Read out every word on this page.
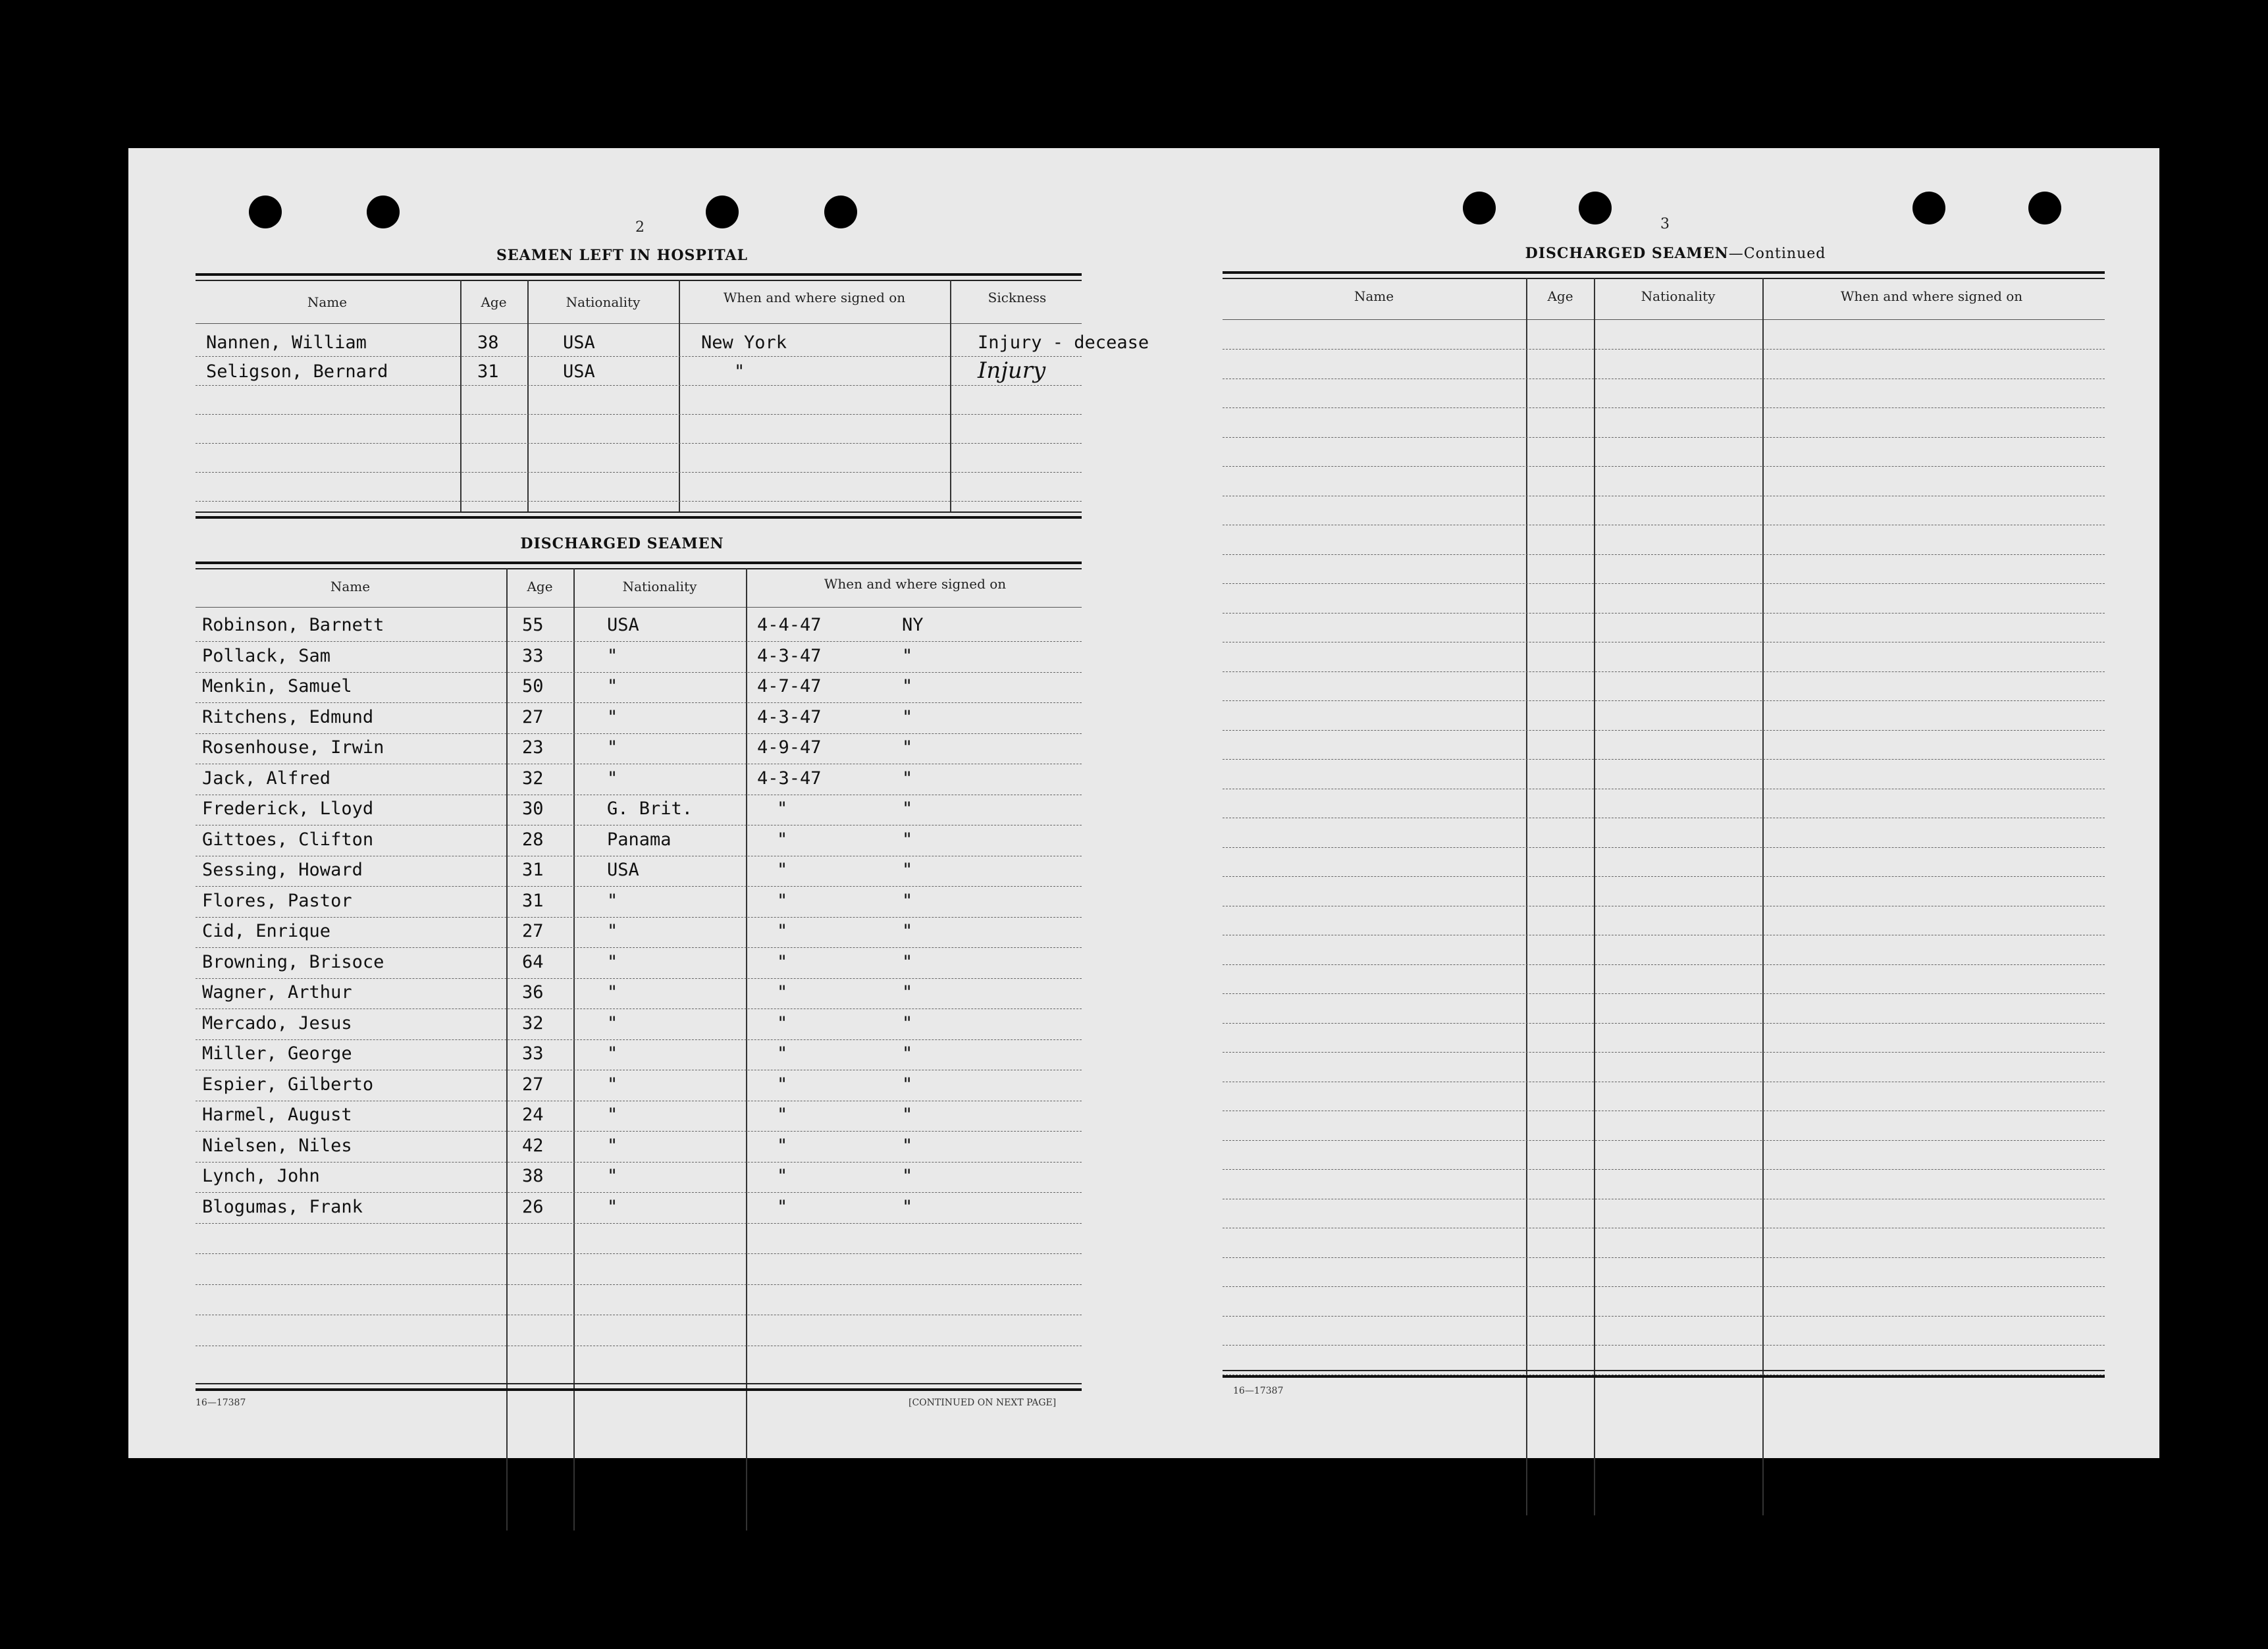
2
SEAMEN LEFT IN HOSPITAL
Name	Age	Nationality	When and where signed on	Sickness
Nannen, William	38	USA	New York	Injury - decease
Seligson, Bernard	31	USA	"	Injury
DISCHARGED SEAMEN
Name	Age	Nationality	When and where signed on
Robinson, Barnett	55	USA	4-4-47	NY
Pollack, Sam	33	"	4-3-47	"
Menkin, Samuel	50	"	4-7-47	"
Ritchens, Edmund	27	"	4-3-47	"
Rosenhouse, Irwin	23	"	4-9-47	"
Jack, Alfred	32	"	4-3-47	"
Frederick, Lloyd	30	G. Brit.	"	"
Gittoes, Clifton	28	Panama	"	"
Sessing, Howard	31	USA	"	"
Flores, Pastor	31	"	"	"
Cid, Enrique	27	"	"	"
Browning, Brisoce	64	"	"	"
Wagner, Arthur	36	"	"	"
Mercado, Jesus	32	"	"	"
Miller, George	33	"	"	"
Espier, Gilberto	27	"	"	"
Harmel, August	24	"	"	"
Nielsen, Niles	42	"	"	"
Lynch, John	38	"	"	"
Blogumas, Frank	26	"	"	"
16—17387	[CONTINUED ON NEXT PAGE]
3
DISCHARGED SEAMEN—Continued
Name	Age	Nationality	When and where signed on
16—17387
